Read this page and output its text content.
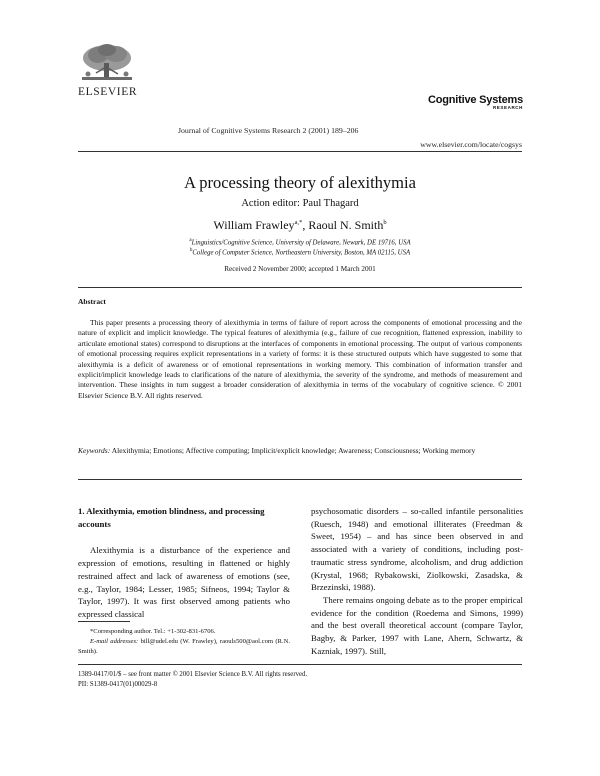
ELSEVIER
Journal of Cognitive Systems Research 2 (2001) 189–206
Cognitive Systems
RESEARCH
www.elsevier.com/locate/cogsys
A processing theory of alexithymia
Action editor: Paul Thagard
William Frawley$^{a,*}$, Raoul N. Smith$^b$
$^a$Linguistics/Cognitive Science, University of Delaware, Newark, DE 19716, USA
$^b$College of Computer Science, Northeastern University, Boston, MA 02115, USA
Received 2 November 2000; accepted 1 March 2001
Abstract

This paper presents a processing theory of alexithymia in terms of failure of report across the components of emotional processing and the nature of explicit and implicit knowledge. The typical features of alexithymia (e.g., failure of cue recognition, flattened expression, inability to articulate emotional states) correspond to disruptions at the interfaces of components in emotional processing. The output of various components of emotional processing requires explicit representations in a variety of forms: it is these structured outputs which have suggested to some that alexithymia is a deficit of awareness or of emotional representations in working memory. This combination of information transfer and explicit/implicit knowledge leads to clarifications of the nature of alexithymia, the severity of the syndrome, and methods of measurement and intervention. These insights in turn suggest a broader consideration of alexithymia in terms of the vocabulary of cognitive science. © 2001 Elsevier Science B.V. All rights reserved.

Keywords: Alexithymia; Emotions; Affective computing; Implicit/explicit knowledge; Awareness; Consciousness; Working memory

1. Alexithymia, emotion blindness, and processing accounts

Alexithymia is a disturbance of the experience and expression of emotions, resulting in flattened or highly restrained affect and lack of awareness of emotions (see, e.g., Taylor, 1984; Lesser, 1985; Sifneos, 1994; Taylor & Taylor, 1997). It was first observed among patients who expressed classical

psychosomatic disorders – so-called infantile personalities (Ruesch, 1948) and emotional illiterates (Freedman & Sweet, 1954) – and has since been observed in and associated with a variety of conditions, including post-traumatic stress syndrome, alcoholism, and drug addiction (Krystal, 1968; Rybakowski, Ziolkowski, Zasadska, & Brzezinski, 1988).

There remains ongoing debate as to the proper empirical evidence for the condition (Roedema and Simons, 1999) and the best overall theoretical account (compare Taylor, Bagby, & Parker, 1997 with Lane, Ahern, Schwartz, & Kazniak, 1997). Still,

*Corresponding author. Tel.: +1-302-831-6706.

E-mail addresses: bill@udel.edu (W. Frawley), raouls500@aol.com (R.N. Smith).

1389-0417/01/$ – see front matter © 2001 Elsevier Science B.V. All rights reserved.
PII: S1389-0417(01)00029-8
